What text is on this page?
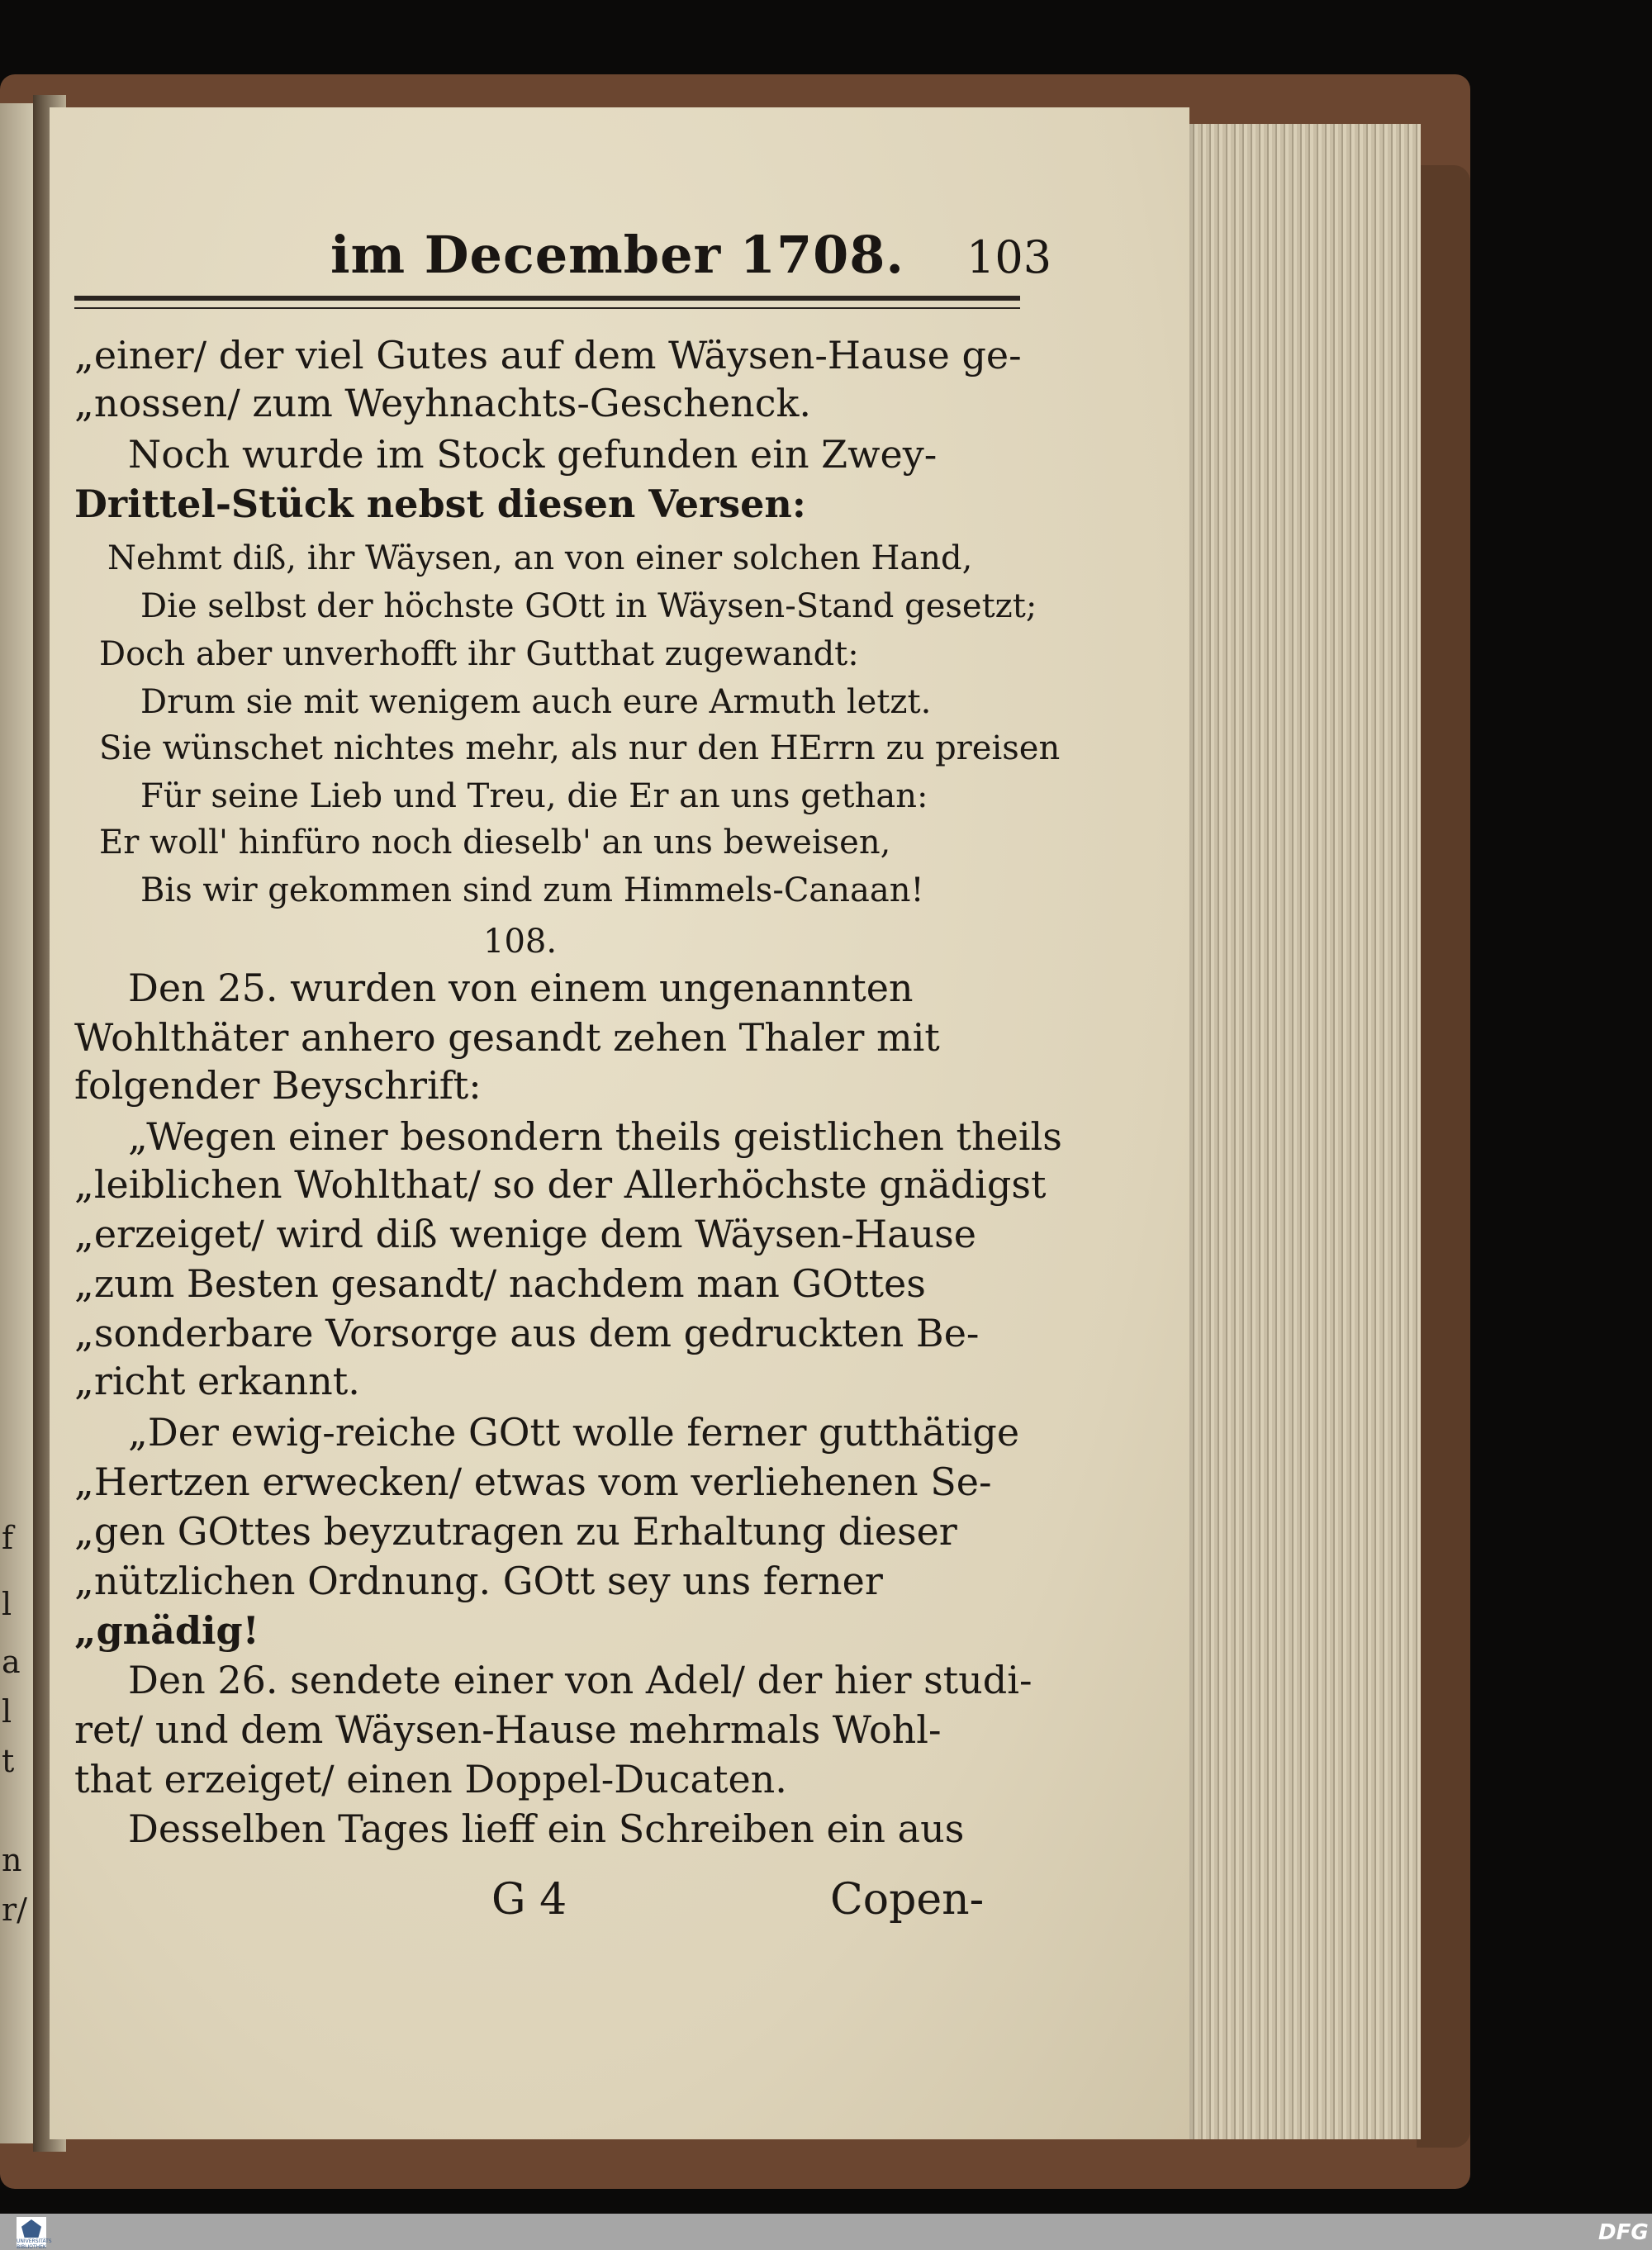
f
l
a
l
t
n
r/
im December 1708. 103
„einer/ der viel Gutes auf dem Wäysen-Hause ge-
„nossen/ zum Weyhnachts-Geschenck.
Noch wurde im Stock gefunden ein Zwey-
Drittel-Stück nebst diesen Versen:
Nehmt diß, ihr Wäysen, an von einer solchen Hand,
Die selbst der höchste GOtt in Wäysen-Stand gesetzt;
Doch aber unverhofft ihr Gutthat zugewandt:
Drum sie mit wenigem auch eure Armuth letzt.
Sie wünschet nichtes mehr, als nur den HErrn zu preisen
Für seine Lieb und Treu, die Er an uns gethan:
Er woll' hinfüro noch dieselb' an uns beweisen,
Bis wir gekommen sind zum Himmels-Canaan!
108.
Den 25. wurden von einem ungenannten
Wohlthäter anhero gesandt zehen Thaler mit
folgender Beyschrift:
„Wegen einer besondern theils geistlichen theils
„leiblichen Wohlthat/ so der Allerhöchste gnädigst
„erzeiget/ wird diß wenige dem Wäysen-Hause
„zum Besten gesandt/ nachdem man GOttes
„sonderbare Vorsorge aus dem gedruckten Be-
„richt erkannt.
„Der ewig-reiche GOtt wolle ferner gutthätige
„Hertzen erwecken/ etwas vom verliehenen Se-
„gen GOttes beyzutragen zu Erhaltung dieser
„nützlichen Ordnung. GOtt sey uns ferner
„gnädig!
Den 26. sendete einer von Adel/ der hier studi-
ret/ und dem Wäysen-Hause mehrmals Wohl-
that erzeiget/ einen Doppel-Ducaten.
Desselben Tages lieff ein Schreiben ein aus
G 4	Copen-
UNIVERSITÄTS BIBLIOTHEK
DFG
